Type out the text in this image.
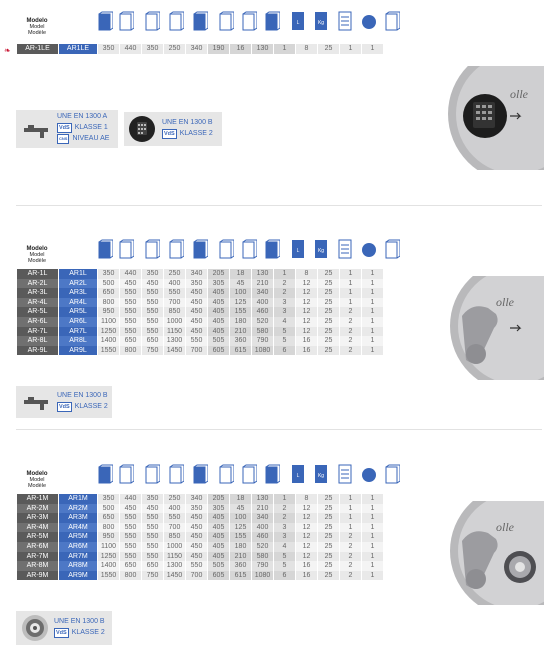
Modelo
Model
Modèle
L	Kg
❧ AR-1LE	AR1LE	350	440	350	250	340	190	16	130	1	8	25	1	1
UNE EN 1300 A
VdS KLASSE 1
CNS NIVEAU AE
UNE EN 1300 B
VdS KLASSE 2
olle
Modelo
Model
Modèle
L	Kg
AR-1L	AR1L	350	440	350	250	340	205	18	130	1	8	25	1	1
AR-2L	AR2L	500	450	450	400	350	305	45	210	2	12	25	1	1
AR-3L	AR3L	650	550	550	550	450	405	100	340	2	12	25	1	1
AR-4L	AR4L	800	550	550	700	450	405	125	400	3	12	25	1	1
AR-5L	AR5L	950	550	550	850	450	405	155	460	3	12	25	2	1
AR-6L	AR6L	1100	550	550	1000	450	405	180	520	4	12	25	2	1
AR-7L	AR7L	1250	550	550	1150	450	405	210	580	5	12	25	2	1
AR-8L	AR8L	1400	650	650	1300	550	505	360	790	5	16	25	2	1
AR-9L	AR9L	1550	800	750	1450	700	605	615	1080	6	16	25	2	1
UNE EN 1300 B
VdS KLASSE 2
olle
Modelo
Model
Modèle
L	Kg
AR-1M	AR1M	350	440	350	250	340	205	18	130	1	8	25	1	1
AR-2M	AR2M	500	450	450	400	350	305	45	210	2	12	25	1	1
AR-3M	AR3M	650	550	550	550	450	405	100	340	2	12	25	1	1
AR-4M	AR4M	800	550	550	700	450	405	125	400	3	12	25	1	1
AR-5M	AR5M	950	550	550	850	450	405	155	460	3	12	25	2	1
AR-6M	AR6M	1100	550	550	1000	450	405	180	520	4	12	25	2	1
AR-7M	AR7M	1250	550	550	1150	450	405	210	580	5	12	25	2	1
AR-8M	AR8M	1400	650	650	1300	550	505	360	790	5	16	25	2	1
AR-9M	AR9M	1550	800	750	1450	700	605	615	1080	6	16	25	2	1
UNE EN 1300 B
VdS KLASSE 2
olle
